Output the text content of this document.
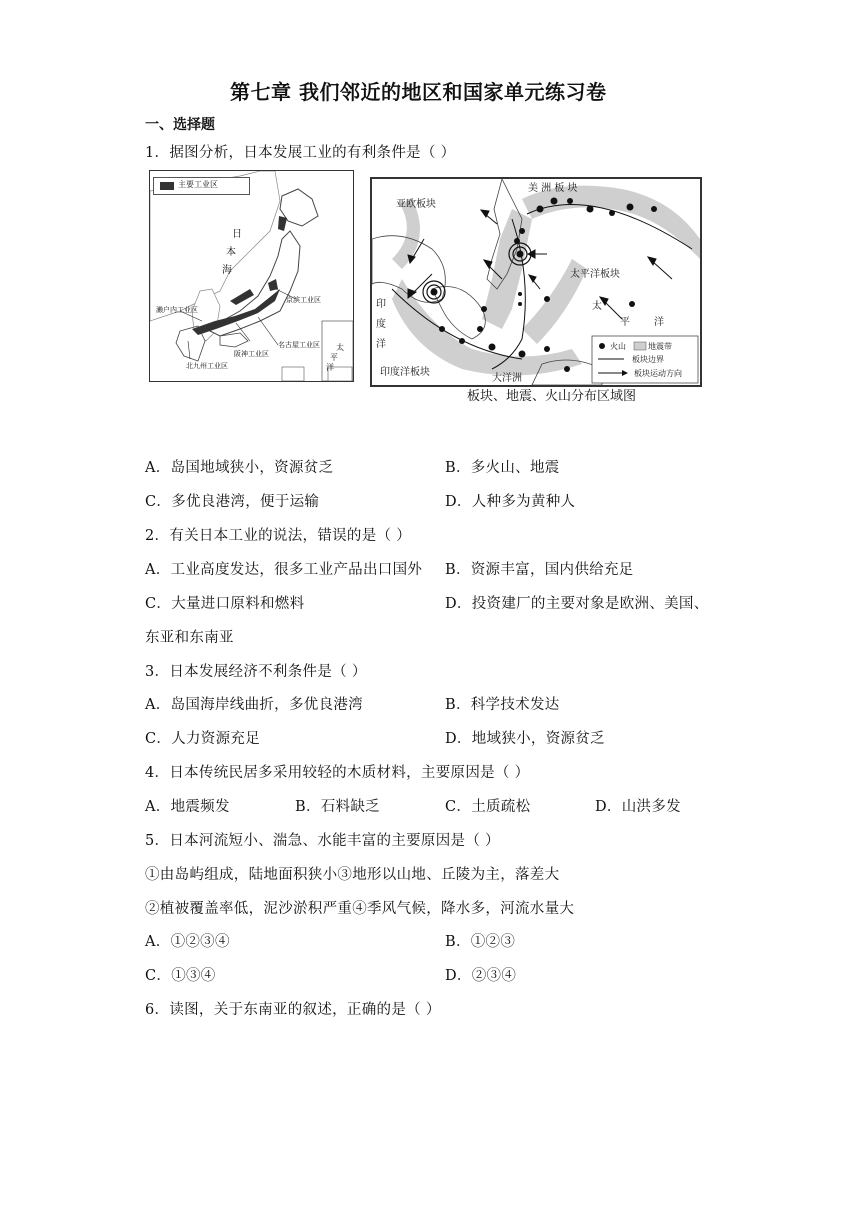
第七章 我们邻近的地区和国家单元练习卷
一、选择题
1．据图分析，日本发展工业的有利条件是（ ）
主要工业区
日
本
海
濑户内工业区
京滨工业区
名古屋工业区
阪神工业区
北九州工业区
太
平
洋
美 洲 板 块
亚欧板块
太平洋板块
太
平 洋
印
度
洋
印度洋板块
大洋洲
火山	地震带
板块边界
板块运动方向
板块、地震、火山分布区域图
A．岛国地域狭小，资源贫乏	B．多火山、地震
C．多优良港湾，便于运输	D．人种多为黄种人
2．有关日本工业的说法，错误的是（ ）
A．工业高度发达，很多工业产品出口国外 B．资源丰富，国内供给充足
C．大量进口原料和燃料	D．投资建厂的主要对象是欧洲、美国、
东亚和东南亚
3．日本发展经济不利条件是（ ）
A．岛国海岸线曲折，多优良港湾	B．科学技术发达
C．人力资源充足	D．地域狭小，资源贫乏
4．日本传统民居多采用较轻的木质材料，主要原因是（ ）
A．地震频发	B．石料缺乏	C．土质疏松	D．山洪多发
5．日本河流短小、湍急、水能丰富的主要原因是（ ）
①由岛屿组成，陆地面积狭小③地形以山地、丘陵为主，落差大
②植被覆盖率低，泥沙淤积严重④季风气候，降水多，河流水量大
A．①②③④	B．①②③
C．①③④	D．②③④
6．读图，关于东南亚的叙述，正确的是（ ）
